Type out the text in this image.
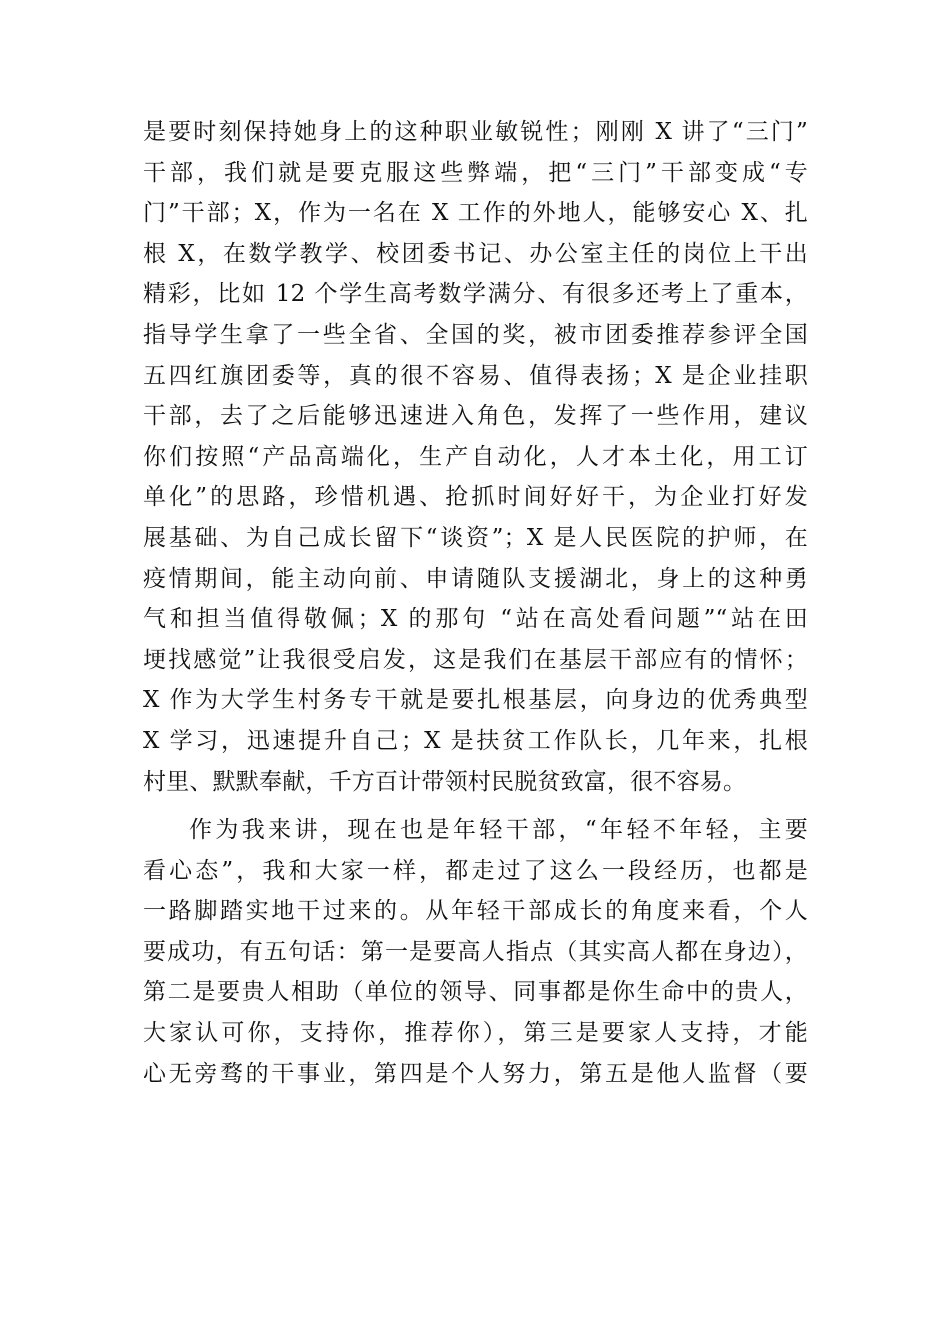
是要时刻保持她身上的这种职业敏锐性；刚刚 X 讲了“三门”
干部，我们就是要克服这些弊端，把“三门”干部变成“专
门”干部；X，作为一名在 X 工作的外地人，能够安心 X、扎
根 X，在数学教学、校团委书记、办公室主任的岗位上干出
精彩，比如 12 个学生高考数学满分、有很多还考上了重本，
指导学生拿了一些全省、全国的奖，被市团委推荐参评全国
五四红旗团委等，真的很不容易、值得表扬；X 是企业挂职
干部，去了之后能够迅速进入角色，发挥了一些作用，建议
你们按照“产品高端化，生产自动化，人才本土化，用工订
单化”的思路，珍惜机遇、抢抓时间好好干，为企业打好发
展基础、为自己成长留下“谈资”；X 是人民医院的护师，在
疫情期间，能主动向前、申请随队支援湖北，身上的这种勇
气和担当值得敬佩；X 的那句 “站在高处看问题”“站在田
埂找感觉”让我很受启发，这是我们在基层干部应有的情怀；
X 作为大学生村务专干就是要扎根基层，向身边的优秀典型
X 学习，迅速提升自己；X 是扶贫工作队长，几年来，扎根
村里、默默奉献，千方百计带领村民脱贫致富，很不容易。
作为我来讲，现在也是年轻干部，“年轻不年轻，主要
看心态”，我和大家一样，都走过了这么一段经历，也都是
一路脚踏实地干过来的。从年轻干部成长的角度来看，个人
要成功，有五句话：第一是要高人指点（其实高人都在身边），
第二是要贵人相助（单位的领导、同事都是你生命中的贵人，
大家认可你，支持你，推荐你），第三是要家人支持，才能
心无旁骛的干事业，第四是个人努力，第五是他人监督（要
